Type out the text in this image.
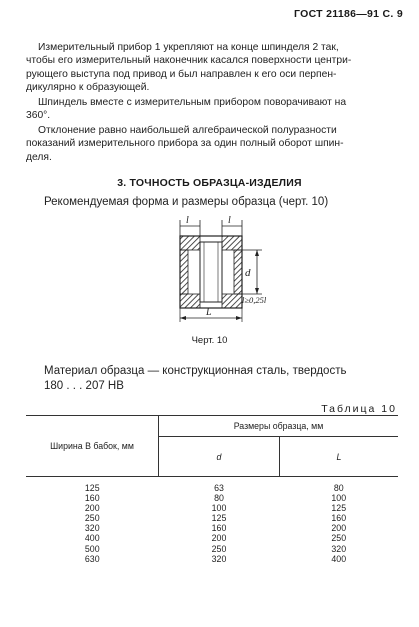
ГОСТ 21186—91 С. 9

Измерительный прибор 1 укрепляют на конце шпинделя 2 так,

чтобы его измерительный наконечник касался поверхности центри-

рующего выступа под привод и был направлен к его оси перпен-

дикулярно к образующей.

Шпиндель вместе с измерительным прибором поворачивают на

360°.

Отклонение равно наибольшей алгебраической полуразности

показаний измерительного прибора за один полный оборот шпин-

деля.

3. ТОЧНОСТЬ ОБРАЗЦА-ИЗДЕЛИЯ
Рекомендуемая форма и размеры образца (черт. 10)
l	l
d
l≥0,25l
L
Черт. 10
Материал образца — конструкционная сталь, твердость
180 . . . 207 НВ
Таблица 10
Ширина B бабок, мм	Размеры образца, мм	
	d	L
125	63	80
160	80	100
200	100	125
250	125	160
320	160	200
400	200	250
500	250	320
630	320	400
